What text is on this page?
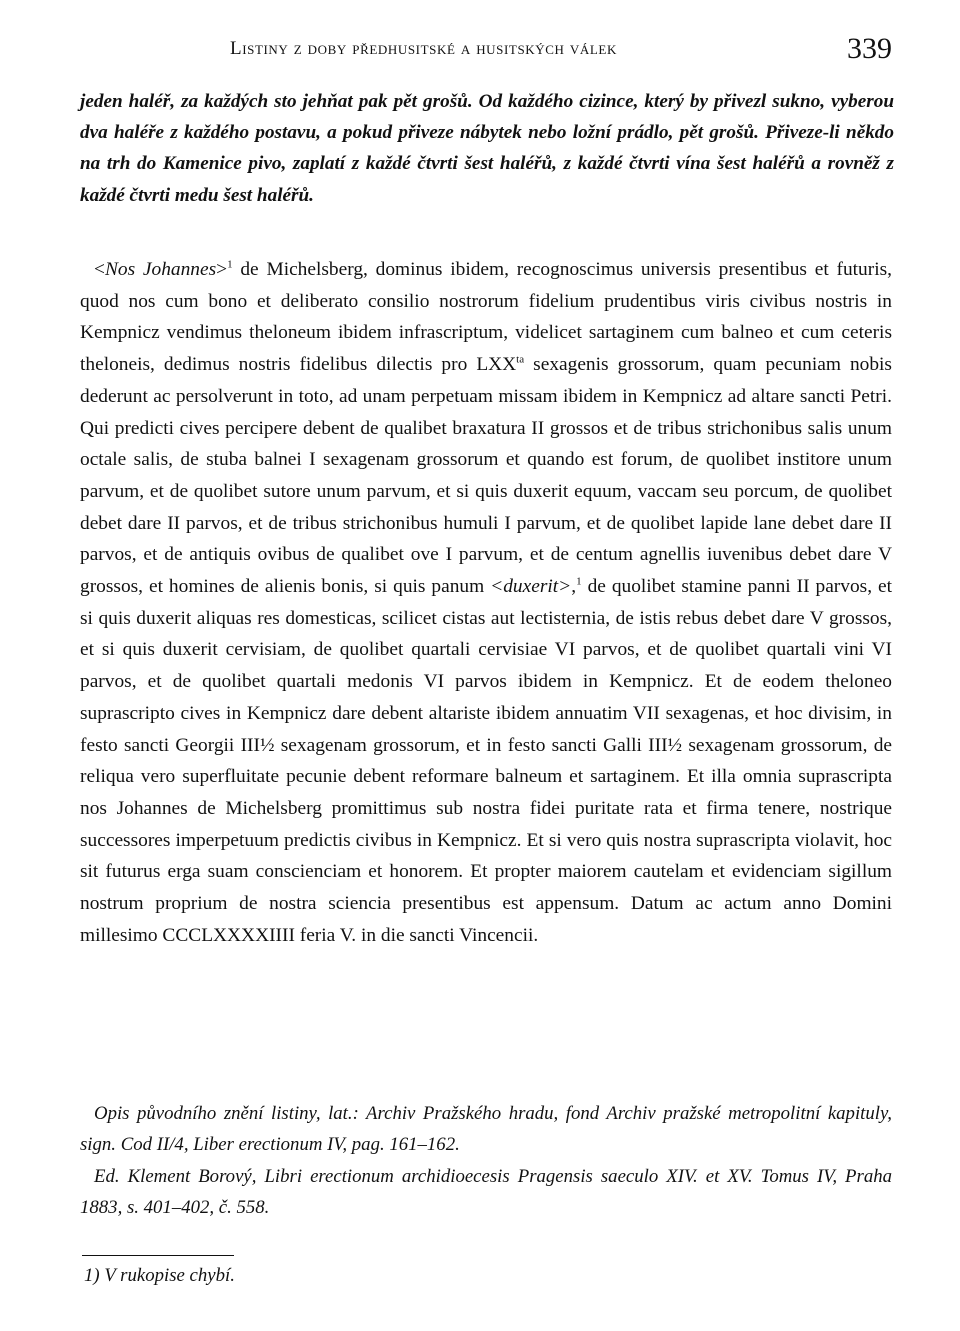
Listiny z doby předhusitské a husitských válek	339
jeden haléř, za každých sto jehňat pak pět grošů. Od každého cizince, který by přivezl sukno, vyberou dva haléře z každého postavu, a pokud přiveze nábytek nebo ložní prádlo, pět grošů. Přiveze-li někdo na trh do Kamenice pivo, zaplatí z každé čtvrti šest haléřů, z každé čtvrti vína šest haléřů a rovněž z každé čtvrti medu šest haléřů.

<Nos Johannes>$^1$ de Michelsberg, dominus ibidem, recognoscimus universis presentibus et futuris, quod nos cum bono et deliberato consilio nostrorum fidelium prudentibus viris civibus nostris in Kempnicz vendimus theloneum ibidem infrascriptum, videlicet sartaginem cum balneo et cum ceteris theloneis, dedimus nostris fidelibus dilectis pro $LXX^{ta}$ sexagenis grossorum, quam pecuniam nobis dederunt ac persolverunt in toto, ad unam perpetuam missam ibidem in Kempnicz ad altare sancti Petri. Qui predicti cives percipere debent de qualibet braxatura II grossos et de tribus strichonibus salis unum octale salis, de stuba balnei I sexagenam grossorum et quando est forum, de quolibet institore unum parvum, et de quolibet sutore unum parvum, et si quis duxerit equum, vaccam seu porcum, de quolibet debet dare II parvos, et de tribus strichonibus humuli I parvum, et de quolibet lapide lane debet dare II parvos, et de antiquis ovibus de qualibet ove I parvum, et de centum agnellis iuvenibus debet dare V grossos, et homines de alienis bonis, si quis panum <duxerit>,$^1$ de quolibet stamine panni II parvos, et si quis duxerit aliquas res domesticas, scilicet cistas aut lectisternia, de istis rebus debet dare V grossos, et si quis duxerit cervisiam, de quolibet quartali cervisiae VI parvos, et de quolibet quartali vini VI parvos, et de quolibet quartali medonis VI parvos ibidem in Kempnicz. Et de eodem theloneo suprascripto cives in Kempnicz dare debent altariste ibidem annuatim VII sexagenas, et hoc divisim, in festo sancti Georgii III½ sexagenam grossorum, et in festo sancti Galli III½ sexagenam grossorum, de reliqua vero superfluitate pecunie debent reformare balneum et sartaginem. Et illa omnia suprascripta nos Johannes de Michelsberg promittimus sub nostra fidei puritate rata et firma tenere, nostrique successores imperpetuum predictis civibus in Kempnicz. Et si vero quis nostra suprascripta violavit, hoc sit futurus erga suam conscienciam et honorem. Et propter maiorem cautelam et evidenciam sigillum nostrum proprium de nostra sciencia presentibus est appensum. Datum ac actum anno Domini millesimo CCCLXXXXIIII feria V. in die sancti Vincencii.

Opis původního znění listiny, lat.: Archiv Pražského hradu, fond Archiv pražské metropolitní kapituly, sign. Cod II/4, Liber erectionum IV, pag. 161–162.

Ed. Klement Borový, Libri erectionum archidioecesis Pragensis saeculo XIV. et XV. Tomus IV, Praha 1883, s. 401–402, č. 558.

1) V rukopise chybí.
